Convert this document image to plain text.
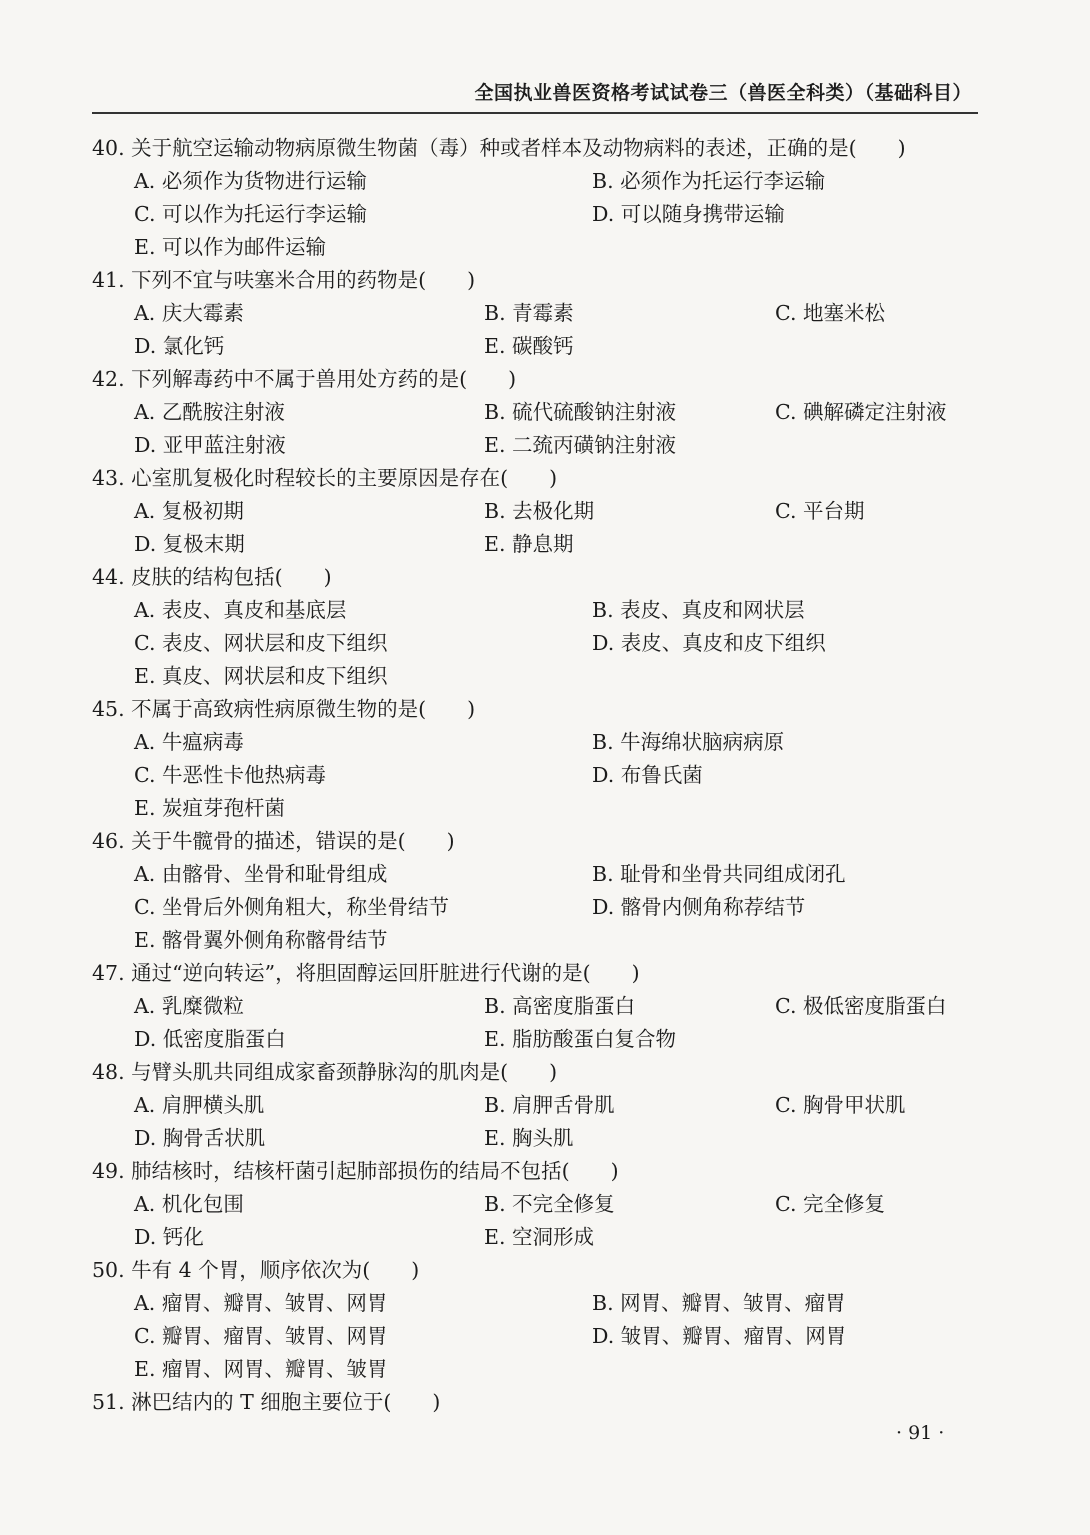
全国执业兽医资格考试试卷三（兽医全科类）（基础科目）
40. 关于航空运输动物病原微生物菌（毒）种或者样本及动物病料的表述，正确的是(　　)
A. 必须作为货物进行运输	B. 必须作为托运行李运输
C. 可以作为托运行李运输	D. 可以随身携带运输
E. 可以作为邮件运输
41. 下列不宜与呋塞米合用的药物是(　　)
A. 庆大霉素	B. 青霉素	C. 地塞米松
D. 氯化钙	E. 碳酸钙
42. 下列解毒药中不属于兽用处方药的是(　　)
A. 乙酰胺注射液	B. 硫代硫酸钠注射液	C. 碘解磷定注射液
D. 亚甲蓝注射液	E. 二巯丙磺钠注射液
43. 心室肌复极化时程较长的主要原因是存在(　　)
A. 复极初期	B. 去极化期	C. 平台期
D. 复极末期	E. 静息期
44. 皮肤的结构包括(　　)
A. 表皮、真皮和基底层	B. 表皮、真皮和网状层
C. 表皮、网状层和皮下组织	D. 表皮、真皮和皮下组织
E. 真皮、网状层和皮下组织
45. 不属于高致病性病原微生物的是(　　)
A. 牛瘟病毒	B. 牛海绵状脑病病原
C. 牛恶性卡他热病毒	D. 布鲁氏菌
E. 炭疽芽孢杆菌
46. 关于牛髋骨的描述，错误的是(　　)
A. 由髂骨、坐骨和耻骨组成	B. 耻骨和坐骨共同组成闭孔
C. 坐骨后外侧角粗大，称坐骨结节	D. 髂骨内侧角称荐结节
E. 髂骨翼外侧角称髂骨结节
47. 通过“逆向转运”，将胆固醇运回肝脏进行代谢的是(　　)
A. 乳糜微粒	B. 高密度脂蛋白	C. 极低密度脂蛋白
D. 低密度脂蛋白	E. 脂肪酸蛋白复合物
48. 与臂头肌共同组成家畜颈静脉沟的肌肉是(　　)
A. 肩胛横头肌	B. 肩胛舌骨肌	C. 胸骨甲状肌
D. 胸骨舌状肌	E. 胸头肌
49. 肺结核时，结核杆菌引起肺部损伤的结局不包括(　　)
A. 机化包围	B. 不完全修复	C. 完全修复
D. 钙化	E. 空洞形成
50. 牛有 4 个胃，顺序依次为(　　)
A. 瘤胃、瓣胃、皱胃、网胃	B. 网胃、瓣胃、皱胃、瘤胃
C. 瓣胃、瘤胃、皱胃、网胃	D. 皱胃、瓣胃、瘤胃、网胃
E. 瘤胃、网胃、瓣胃、皱胃
51. 淋巴结内的 T 细胞主要位于(　　)
· 91 ·
